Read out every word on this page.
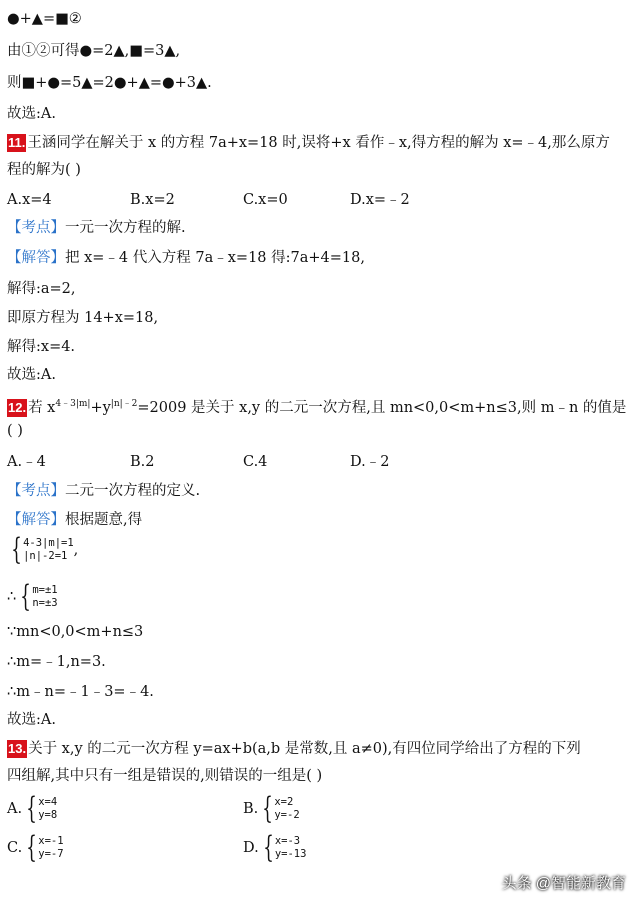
●+▲=■②
由①②可得●=2▲,■=3▲,
则■+●=5▲=2●+▲=●+3▲.
故选:A.
11. 王涵同学在解关于 x 的方程 7a+x=18 时,误将+x 看作﹣x,得方程的解为 x=﹣4,那么原方
程的解为( )
A.x=4	B.x=2	C.x=0	D.x=﹣2
【考点】一元一次方程的解.
【解答】把 x=﹣4 代入方程 7a﹣x=18 得:7a+4=18,
解得:a=2,
即原方程为 14+x=18,
解得:x=4.
故选:A.
12. 若 $x^{4﹣3|m|}+y^{|n|﹣2}=2009$ 是关于 x,y 的二元一次方程,且 mn<0,0<m+n≤3,则 m﹣n 的值是
( )
A.﹣4	B.2	C.4	D.﹣2
【考点】二元一次方程的定义.
【解答】根据题意,得
{ 4-3|m|=1
|n|-2=1 ,
∴ { m=±1
n=±3
∵mn<0,0<m+n≤3
∴m=﹣1,n=3.
∴m﹣n=﹣1﹣3=﹣4.
故选:A.
13. 关于 x,y 的二元一次方程 y=ax+b(a,b 是常数,且 a≠0),有四位同学给出了方程的下列
四组解,其中只有一组是错误的,则错误的一组是( )
A. { x=4
y=8	B. { x=2
y=-2
C. { x=-1
y=-7	D. { x=-3
y=-13
头条 @智能新教育
